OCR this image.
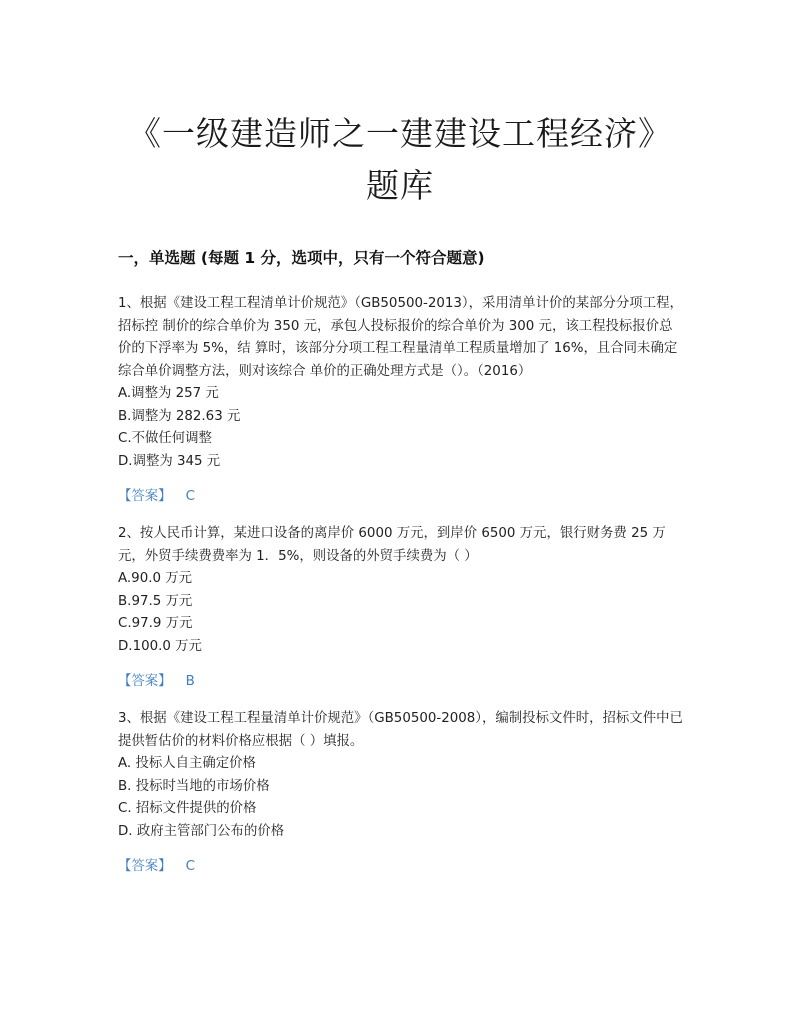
《一级建造师之一建建设工程经济》
题库
一，单选题 (每题 1 分，选项中，只有一个符合题意)

1、根据《建设工程工程清单计价规范》（GB50500-2013），采用清单计价的某部分分项工程，招标控 制价的综合单价为 350 元，承包人投标报价的综合单价为 300 元，该工程投标报价总价的下浮率为 5%，结 算时，该部分分项工程工程量清单工程质量增加了 16%，且合同未确定综合单价调整方法，则对该综合 单价的正确处理方式是（）。（2016）

A.调整为 257 元

B.调整为 282.63 元

C.不做任何调整

D.调整为 345 元

【答案】 C

2、按人民币计算，某进口设备的离岸价 6000 万元，到岸价 6500 万元，银行财务费 25 万元，外贸手续费费率为 1．5%，则设备的外贸手续费为（ ）

A.90.0 万元

B.97.5 万元

C.97.9 万元

D.100.0 万元

【答案】 B

3、根据《建设工程工程量清单计价规范》（GB50500-2008），编制投标文件时，招标文件中已提供暂估价的材料价格应根据（ ）填报。

A. 投标人自主确定价格

B. 投标时当地的市场价格

C. 招标文件提供的价格

D. 政府主管部门公布的价格

【答案】 C
